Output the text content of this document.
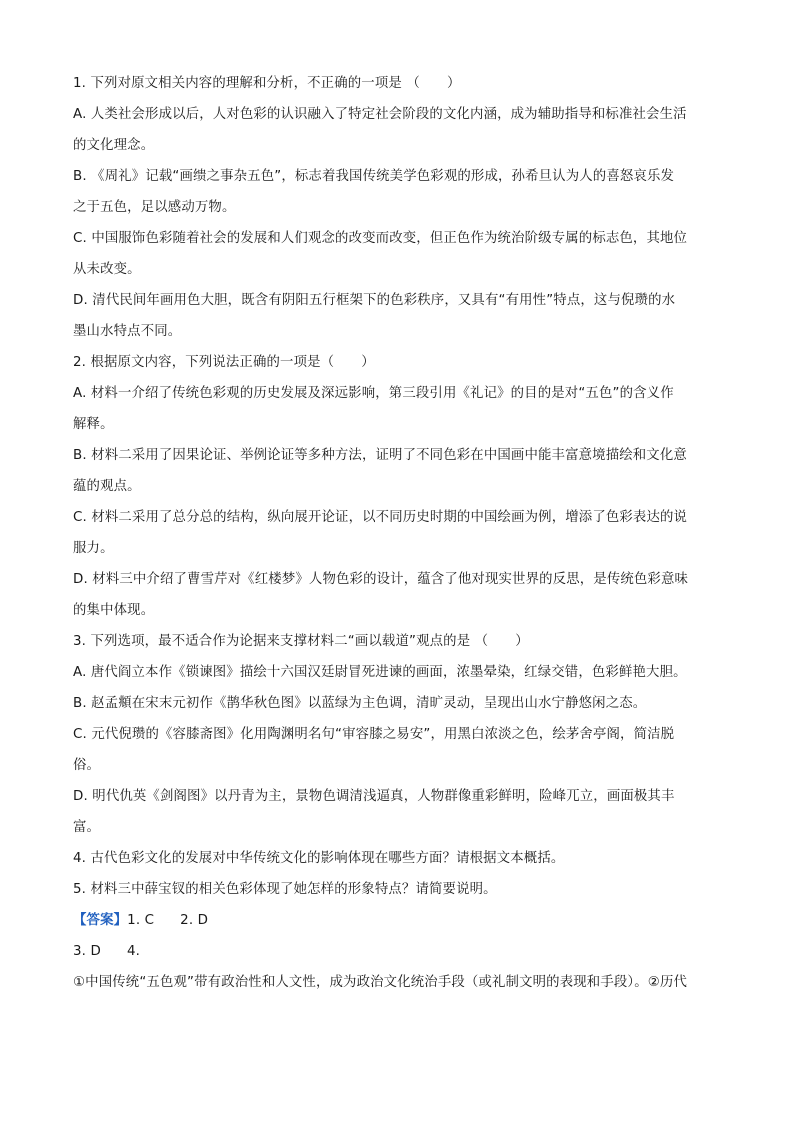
1. 下列对原文相关内容的理解和分析，不正确的一项是 （　　）

A. 人类社会形成以后，人对色彩的认识融入了特定社会阶段的文化内涵，成为辅助指导和标准社会生活

的文化理念。

B. 《周礼》记载“画缋之事杂五色”，标志着我国传统美学色彩观的形成，孙希旦认为人的喜怒哀乐发

之于五色，足以感动万物。

C. 中国服饰色彩随着社会的发展和人们观念的改变而改变，但正色作为统治阶级专属的标志色，其地位

从未改变。

D. 清代民间年画用色大胆，既含有阴阳五行框架下的色彩秩序，又具有“有用性”特点，这与倪瓒的水

墨山水特点不同。

2. 根据原文内容，下列说法正确的一项是（　　）

A. 材料一介绍了传统色彩观的历史发展及深远影响，第三段引用《礼记》的目的是对“五色”的含义作

解释。

B. 材料二采用了因果论证、举例论证等多种方法，证明了不同色彩在中国画中能丰富意境描绘和文化意

蕴的观点。

C. 材料二采用了总分总的结构，纵向展开论证，以不同历史时期的中国绘画为例，增添了色彩表达的说

服力。

D. 材料三中介绍了曹雪芹对《红楼梦》人物色彩的设计，蕴含了他对现实世界的反思，是传统色彩意味

的集中体现。

3. 下列选项，最不适合作为论据来支撑材料二“画以载道”观点的是 （　　）

A. 唐代阎立本作《锁谏图》描绘十六国汉廷尉冒死进谏的画面，浓墨晕染，红绿交错，色彩鲜艳大胆。

B. 赵孟頫在宋末元初作《鹊华秋色图》以蓝绿为主色调，清旷灵动，呈现出山水宁静悠闲之态。

C. 元代倪瓒的《容膝斋图》化用陶渊明名句“审容膝之易安”，用黑白浓淡之色，绘茅舍亭阁，简洁脱

俗。

D. 明代仇英《剑阁图》以丹青为主，景物色调清浅逼真，人物群像重彩鲜明，险峰兀立，画面极其丰

富。

4. 古代色彩文化的发展对中华传统文化的影响体现在哪些方面？请根据文本概括。

5. 材料三中薛宝钗的相关色彩体现了她怎样的形象特点？请简要说明。

【答案】1. C 2. D

3. D 4.

①中国传统“五色观”带有政治性和人文性，成为政治文化统治手段（或礼制文明的表现和手段）。②历代
